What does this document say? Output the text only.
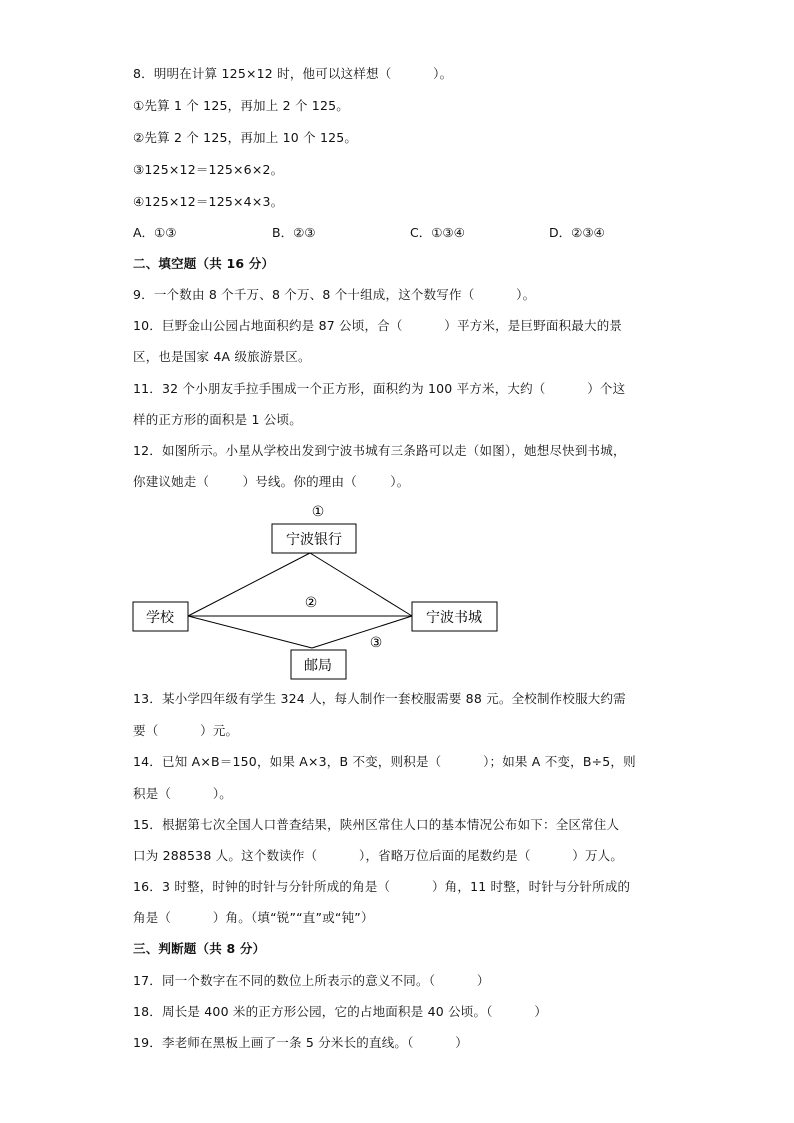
8．明明在计算 125×12 时，他可以这样想（          ）。
①先算 1 个 125，再加上 2 个 125。
②先算 2 个 125，再加上 10 个 125。
③125×12＝125×6×2。
④125×12＝125×4×3。
A．①③	B．②③	C．①③④	D．②③④
二、填空题（共 16 分）
9．一个数由 8 个千万、8 个万、8 个十组成，这个数写作（          ）。
10．巨野金山公园占地面积约是 87 公顷，合（          ）平方米，是巨野面积最大的景
区，也是国家 4A 级旅游景区。
11．32 个小朋友手拉手围成一个正方形，面积约为 100 平方米，大约（          ）个这
样的正方形的面积是 1 公顷。
12．如图所示。小星从学校出发到宁波书城有三条路可以走（如图），她想尽快到书城，
你建议她走（        ）号线。你的理由（        ）。
宁波银行
学校	宁波书城
邮局
①
②
③
13．某小学四年级有学生 324 人，每人制作一套校服需要 88 元。全校制作校服大约需
要（          ）元。
14．已知 A×B＝150，如果 A×3，B 不变，则积是（          ）；如果 A 不变，B÷5，则
积是（          ）。
15．根据第七次全国人口普查结果，陕州区常住人口的基本情况公布如下：全区常住人
口为 288538 人。这个数读作（          ），省略万位后面的尾数约是（          ）万人。
16．3 时整，时钟的时针与分针所成的角是（          ）角，11 时整，时针与分针所成的
角是（          ）角。（填“锐”“直”或“钝”）
三、判断题（共 8 分）
17．同一个数字在不同的数位上所表示的意义不同。（          ）
18．周长是 400 米的正方形公园，它的占地面积是 40 公顷。（          ）
19．李老师在黑板上画了一条 5 分米长的直线。（          ）
